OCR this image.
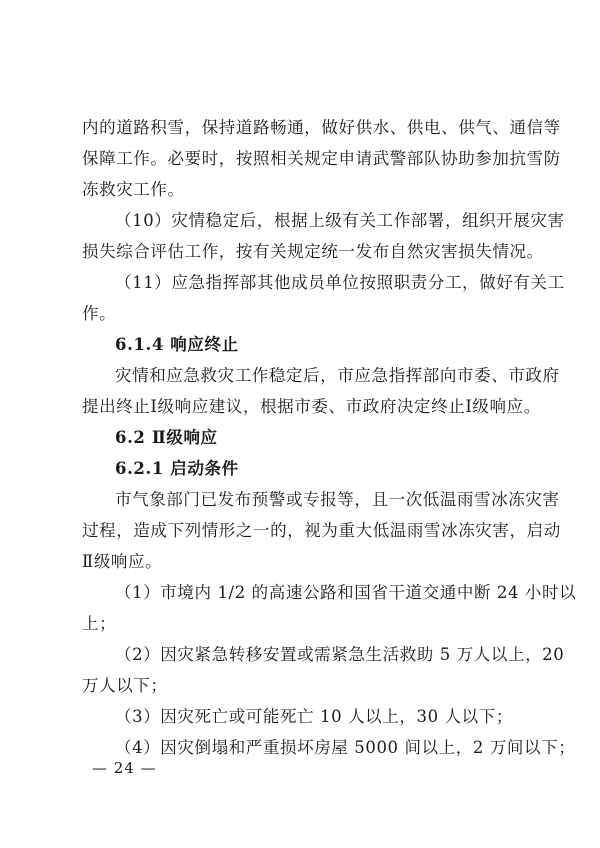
内的道路积雪，保持道路畅通，做好供水、供电、供气、通信等
保障工作。必要时，按照相关规定申请武警部队协助参加抗雪防
冻救灾工作。
（10）灾情稳定后，根据上级有关工作部署，组织开展灾害
损失综合评估工作，按有关规定统一发布自然灾害损失情况。
（11）应急指挥部其他成员单位按照职责分工，做好有关工
作。
6.1.4 响应终止
灾情和应急救灾工作稳定后，市应急指挥部向市委、市政府
提出终止Ⅰ级响应建议，根据市委、市政府决定终止Ⅰ级响应。
6.2 Ⅱ级响应
6.2.1 启动条件
市气象部门已发布预警或专报等，且一次低温雨雪冰冻灾害
过程，造成下列情形之一的，视为重大低温雨雪冰冻灾害，启动
Ⅱ级响应。
（1）市境内 1/2 的高速公路和国省干道交通中断 24 小时以
上；
（2）因灾紧急转移安置或需紧急生活救助 5 万人以上，20
万人以下；
（3）因灾死亡或可能死亡 10 人以上，30 人以下；
（4）因灾倒塌和严重损坏房屋 5000 间以上，2 万间以下；
— 24 —
